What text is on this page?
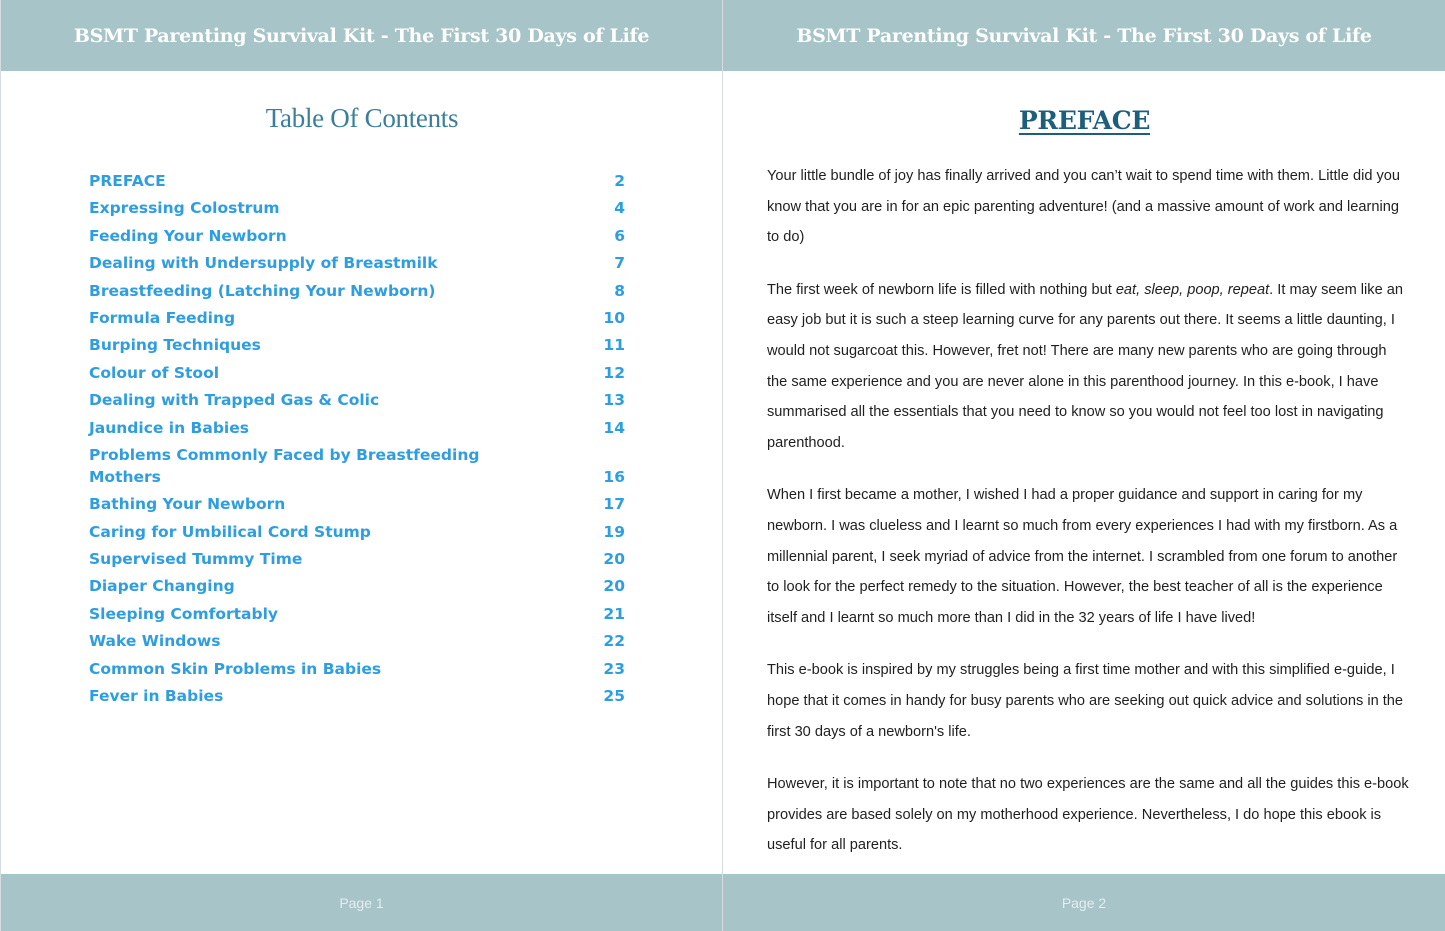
BSMT Parenting Survival Kit - The First 30 Days of Life
Table Of Contents
PREFACE	2
Expressing Colostrum	4
Feeding Your Newborn	6
Dealing with Undersupply of Breastmilk	7
Breastfeeding (Latching Your Newborn)	8
Formula Feeding	10
Burping Techniques	11
Colour of Stool	12
Dealing with Trapped Gas & Colic	13
Jaundice in Babies	14
Problems Commonly Faced by Breastfeeding Mothers	16
Bathing Your Newborn	17
Caring for Umbilical Cord Stump	19
Supervised Tummy Time	20
Diaper Changing	20
Sleeping Comfortably	21
Wake Windows	22
Common Skin Problems in Babies	23
Fever in Babies	25
Page 1
BSMT Parenting Survival Kit - The First 30 Days of Life
PREFACE

Your little bundle of joy has finally arrived and you can’t wait to spend time with them. Little did you know that you are in for an epic parenting adventure! (and a massive amount of work and learning to do)

The first week of newborn life is filled with nothing but eat, sleep, poop, repeat. It may seem like an easy job but it is such a steep learning curve for any parents out there. It seems a little daunting, I would not sugarcoat this. However, fret not! There are many new parents who are going through the same experience and you are never alone in this parenthood journey. In this e-book, I have summarised all the essentials that you need to know so you would not feel too lost in navigating parenthood.

When I first became a mother, I wished I had a proper guidance and support in caring for my newborn. I was clueless and I learnt so much from every experiences I had with my firstborn. As a millennial parent, I seek myriad of advice from the internet. I scrambled from one forum to another to look for the perfect remedy to the situation. However, the best teacher of all is the experience itself and I learnt so much more than I did in the 32 years of life I have lived!

This e-book is inspired by my struggles being a first time mother and with this simplified e-guide, I hope that it comes in handy for busy parents who are seeking out quick advice and solutions in the first 30 days of a newborn's life.

However, it is important to note that no two experiences are the same and all the guides this e-book provides are based solely on my motherhood experience. Nevertheless, I do hope this ebook is useful for all parents.

Page 2
